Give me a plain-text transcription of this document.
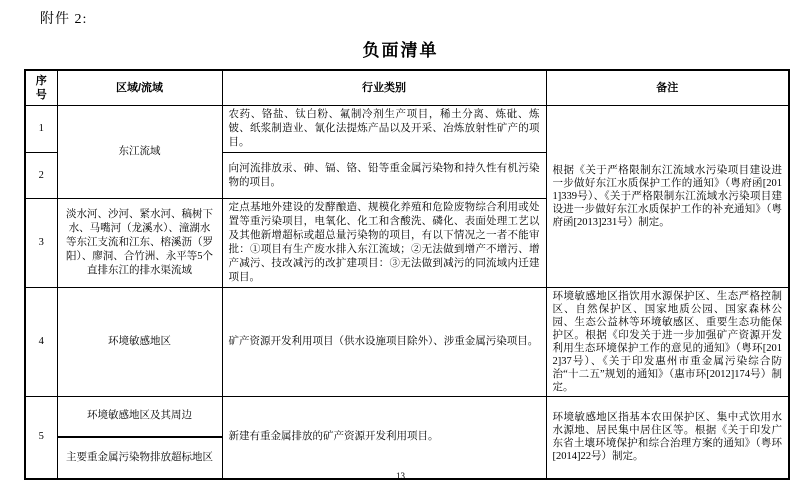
附件 2:
负面清单
序号	区域/流域	行业类别	备注
1	东江流域	农药、铬盐、钛白粉、氟制冷剂生产项目，稀土分离、炼砒、炼铍、纸浆制造业、氰化法提炼产品以及开采、冶炼放射性矿产的项目。	根据《关于严格限制东江流域水污染项目建设进一步做好东江水质保护工作的通知》（粤府函[2011]339号）、《关于严格限制东江流域水污染项目建设进一步做好东江水质保护工作的补充通知》（粤府函[2013]231号）制定。
2		向河流排放汞、砷、镉、铬、铅等重金属污染物和持久性有机污染物的项目。	
3	淡水河、沙河、紧水河、稿树下水、马嘴河（龙溪水）、潼湖水等东江支流和江东、榕溪沥（罗阳）、廖洞、合竹洲、永平等5个直排东江的排水渠流域	定点基地外建设的发酵酿造、规模化养殖和危险废物综合利用或处置等重污染项目，电氧化、化工和含酸洗、磷化、表面处理工艺以及其他新增超标或超总量污染物的项目，有以下情况之一者不能审批：①项目有生产废水排入东江流域；②无法做到增产不增污、增产减污、技改减污的改扩建项目：③无法做到减污的同流域内迁建项目。	
4	环境敏感地区	矿产资源开发利用项目（供水设施项目除外）、涉重金属污染项目。	环境敏感地区指饮用水源保护区、生态严格控制区、自然保护区、国家地质公园、国家森林公园、生态公益林等环境敏感区、重要生态功能保护区。根据《印发关于进一步加强矿产资源开发利用生态环境保护工作的意见的通知》（粤环[2012]37号）、《关于印发惠州市重金属污染综合防治“十二五”规划的通知》（惠市环[2012]174号）制定。
5	环境敏感地区及其周边	新建有重金属排放的矿产资源开发利用项目。	环境敏感地区指基本农田保护区、集中式饮用水水源地、居民集中居住区等。根据《关于印发广东省土壤环境保护和综合治理方案的通知》（粤环[2014]22号）制定。
	主要重金属污染物排放超标地区		
13
